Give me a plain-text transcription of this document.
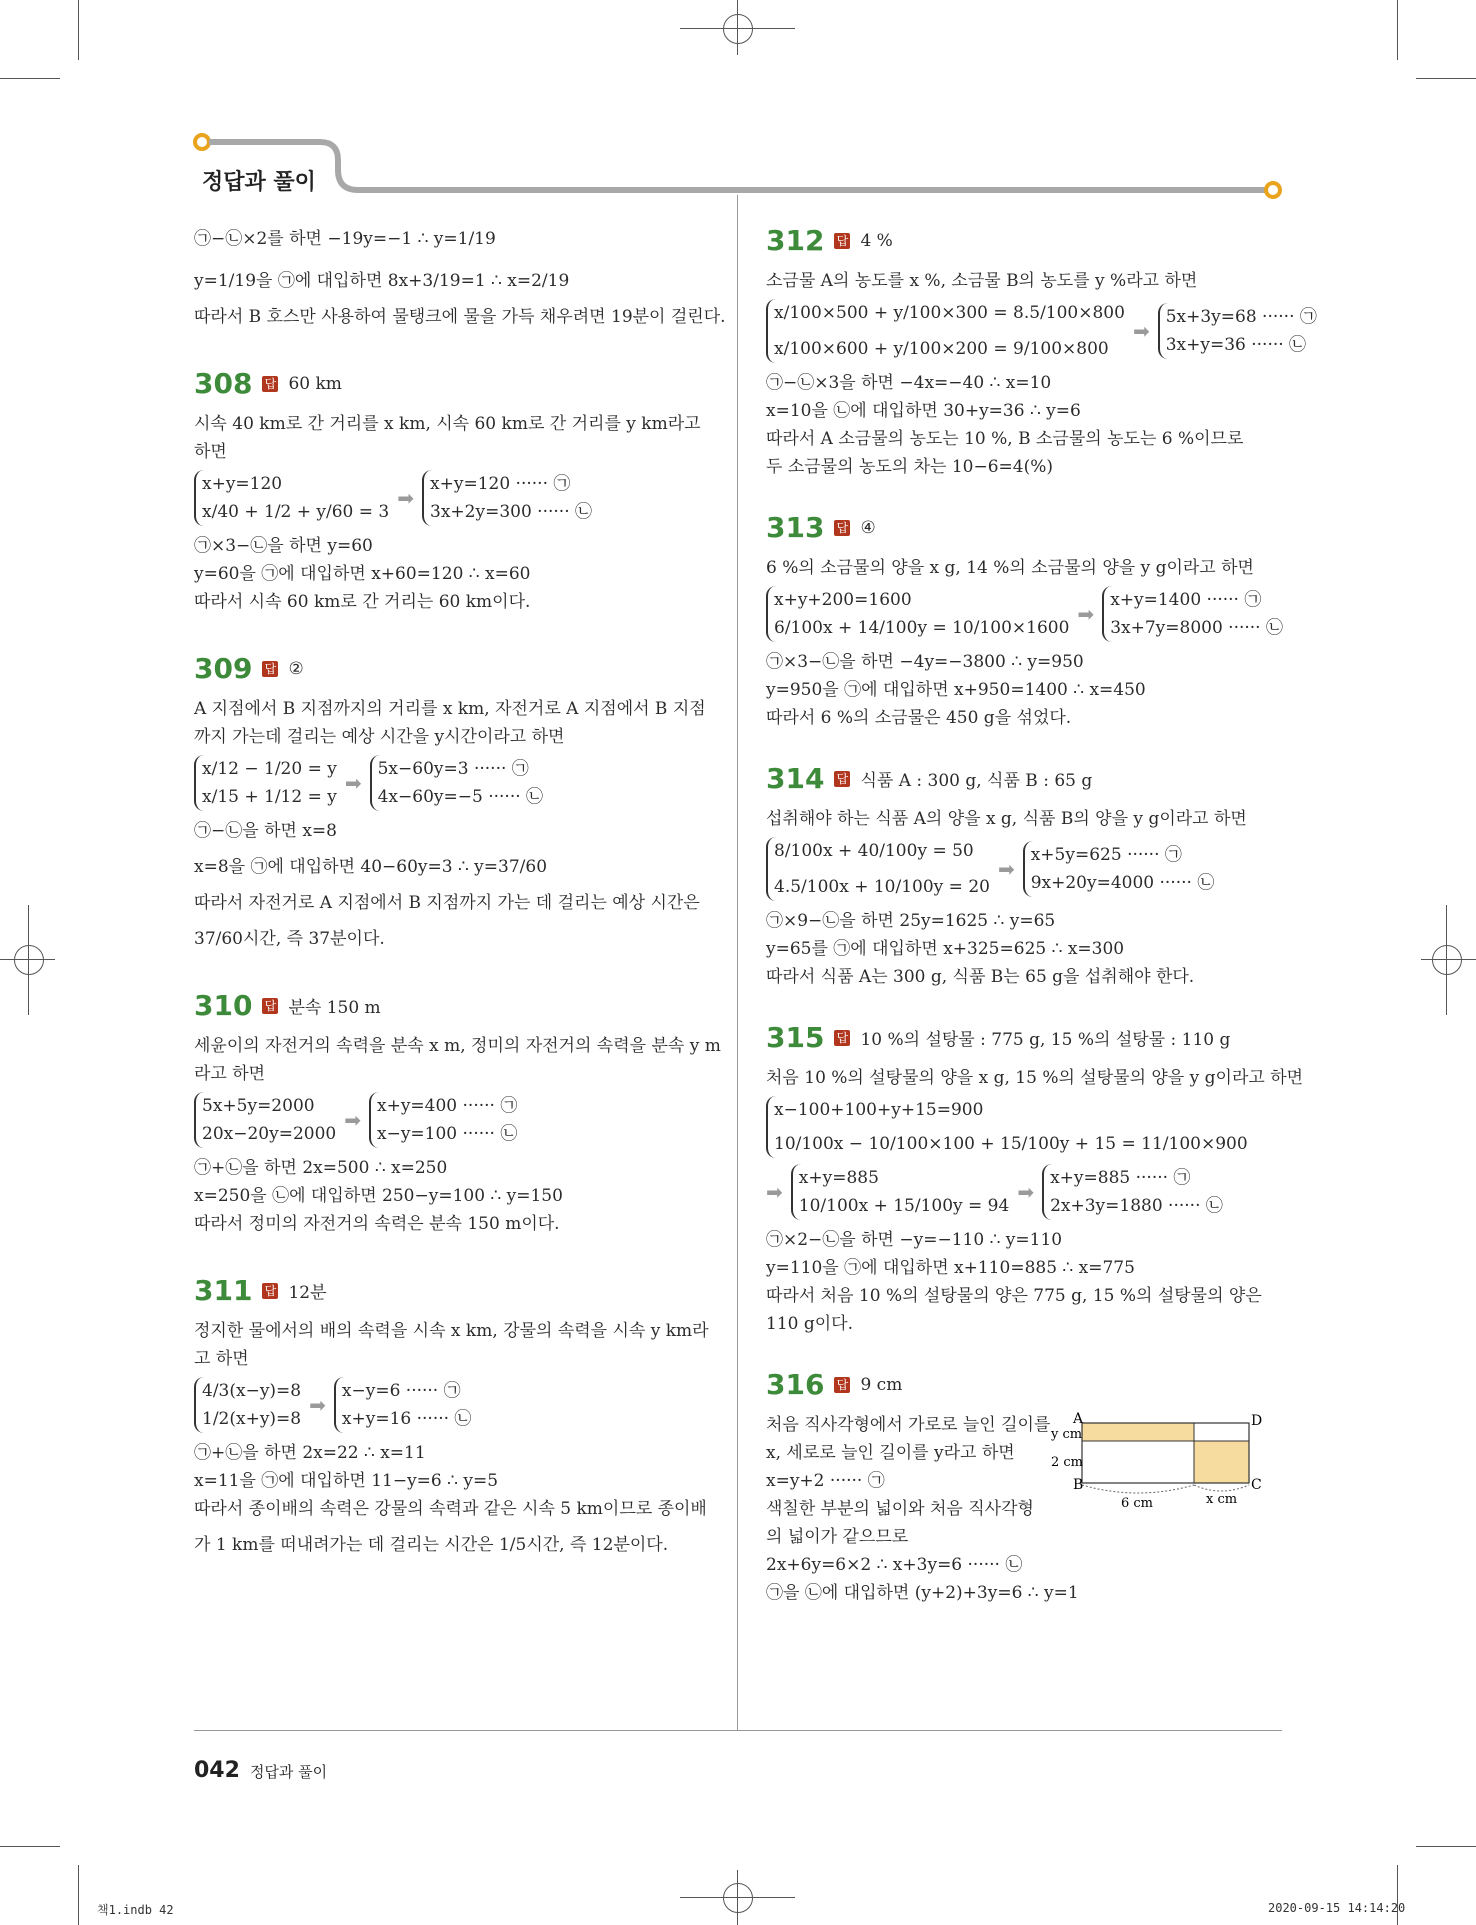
정답과 풀이
㉠−㉡×2를 하면 −19y=−1 ∴ y=1/19
y=1/19을 ㉠에 대입하면 8x+3/19=1 ∴ x=2/19
따라서 B 호스만 사용하여 물탱크에 물을 가득 채우려면 19분이 걸린다.
308 답 60 km
시속 40 km로 간 거리를 x km, 시속 60 km로 간 거리를 y km라고
하면
x+y=120
x/40 + 1/2 + y/60 = 3
➡
x+y=120 ······ ㉠
3x+2y=300 ······ ㉡
㉠×3−㉡을 하면 y=60
y=60을 ㉠에 대입하면 x+60=120 ∴ x=60
따라서 시속 60 km로 간 거리는 60 km이다.
309 답 ②
A 지점에서 B 지점까지의 거리를 x km, 자전거로 A 지점에서 B 지점
까지 가는데 걸리는 예상 시간을 y시간이라고 하면
x/12 − 1/20 = y
x/15 + 1/12 = y
➡
5x−60y=3 ······ ㉠
4x−60y=−5 ······ ㉡
㉠−㉡을 하면 x=8
x=8을 ㉠에 대입하면 40−60y=3 ∴ y=37/60
따라서 자전거로 A 지점에서 B 지점까지 가는 데 걸리는 예상 시간은
37/60시간, 즉 37분이다.
310 답 분속 150 m
세윤이의 자전거의 속력을 분속 x m, 정미의 자전거의 속력을 분속 y m
라고 하면
5x+5y=2000
20x−20y=2000
➡
x+y=400 ······ ㉠
x−y=100 ······ ㉡
㉠+㉡을 하면 2x=500 ∴ x=250
x=250을 ㉡에 대입하면 250−y=100 ∴ y=150
따라서 정미의 자전거의 속력은 분속 150 m이다.
311 답 12분
정지한 물에서의 배의 속력을 시속 x km, 강물의 속력을 시속 y km라
고 하면
4/3(x−y)=8
1/2(x+y)=8
➡
x−y=6 ······ ㉠
x+y=16 ······ ㉡
㉠+㉡을 하면 2x=22 ∴ x=11
x=11을 ㉠에 대입하면 11−y=6 ∴ y=5
따라서 종이배의 속력은 강물의 속력과 같은 시속 5 km이므로 종이배
가 1 km를 떠내려가는 데 걸리는 시간은 1/5시간, 즉 12분이다.
312 답 4 %
소금물 A의 농도를 x %, 소금물 B의 농도를 y %라고 하면
x/100×500 + y/100×300 = 8.5/100×800
x/100×600 + y/100×200 = 9/100×800
➡
5x+3y=68 ······ ㉠
3x+y=36 ······ ㉡
㉠−㉡×3을 하면 −4x=−40 ∴ x=10
x=10을 ㉡에 대입하면 30+y=36 ∴ y=6
따라서 A 소금물의 농도는 10 %, B 소금물의 농도는 6 %이므로
두 소금물의 농도의 차는 10−6=4(%)
313 답 ④
6 %의 소금물의 양을 x g, 14 %의 소금물의 양을 y g이라고 하면
x+y+200=1600
6/100x + 14/100y = 10/100×1600
➡
x+y=1400 ······ ㉠
3x+7y=8000 ······ ㉡
㉠×3−㉡을 하면 −4y=−3800 ∴ y=950
y=950을 ㉠에 대입하면 x+950=1400 ∴ x=450
따라서 6 %의 소금물은 450 g을 섞었다.
314 답 식품 A : 300 g, 식품 B : 65 g
섭취해야 하는 식품 A의 양을 x g, 식품 B의 양을 y g이라고 하면
8/100x + 40/100y = 50
4.5/100x + 10/100y = 20
➡
x+5y=625 ······ ㉠
9x+20y=4000 ······ ㉡
㉠×9−㉡을 하면 25y=1625 ∴ y=65
y=65를 ㉠에 대입하면 x+325=625 ∴ x=300
따라서 식품 A는 300 g, 식품 B는 65 g을 섭취해야 한다.
315 답 10 %의 설탕물 : 775 g, 15 %의 설탕물 : 110 g
처음 10 %의 설탕물의 양을 x g, 15 %의 설탕물의 양을 y g이라고 하면
x−100+100+y+15=900
10/100x − 10/100×100 + 15/100y + 15 = 11/100×900
➡
x+y=885
10/100x + 15/100y = 94
➡
x+y=885 ······ ㉠
2x+3y=1880 ······ ㉡
㉠×2−㉡을 하면 −y=−110 ∴ y=110
y=110을 ㉠에 대입하면 x+110=885 ∴ x=775
따라서 처음 10 %의 설탕물의 양은 775 g, 15 %의 설탕물의 양은
110 g이다.
316 답 9 cm
처음 직사각형에서 가로로 늘인 길이를
x, 세로로 늘인 길이를 y라고 하면
x=y+2 ······ ㉠
색칠한 부분의 넓이와 처음 직사각형
의 넓이가 같으므로
2x+6y=6×2 ∴ x+3y=6 ······ ㉡
㉠을 ㉡에 대입하면 (y+2)+3y=6 ∴ y=1
A	D
B	C
y cm
2 cm
6 cm	x cm
042 정답과 풀이
책1.indb 42	2020-09-15 14:14:20
